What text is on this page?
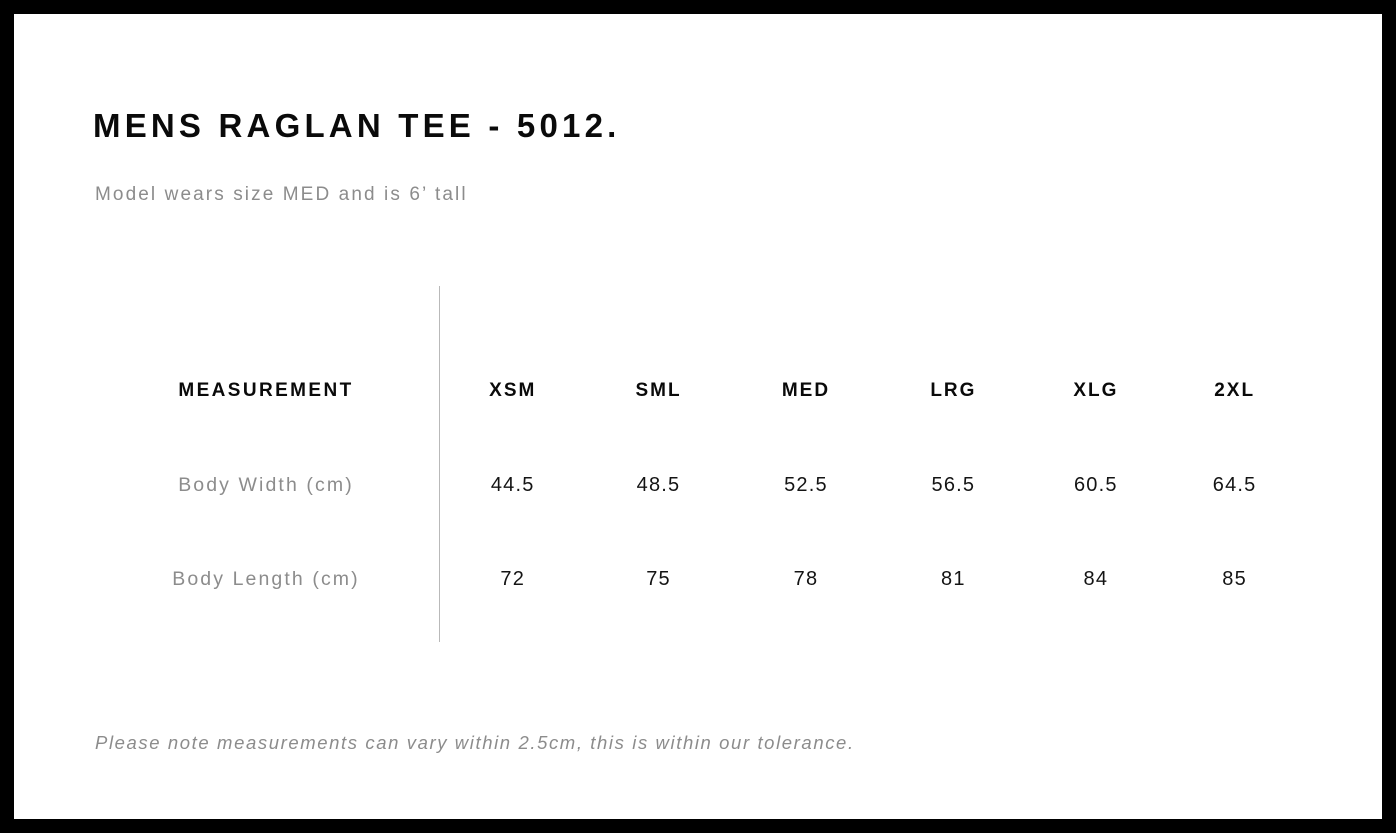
MENS RAGLAN TEE - 5012.
Model wears size MED and is 6’ tall
MEASUREMENT	XSM	SML	MED	LRG	XLG	2XL
Body Width (cm)	44.5	48.5	52.5	56.5	60.5	64.5
Body Length (cm)	72	75	78	81	84	85
Please note measurements can vary within 2.5cm, this is within our tolerance.
